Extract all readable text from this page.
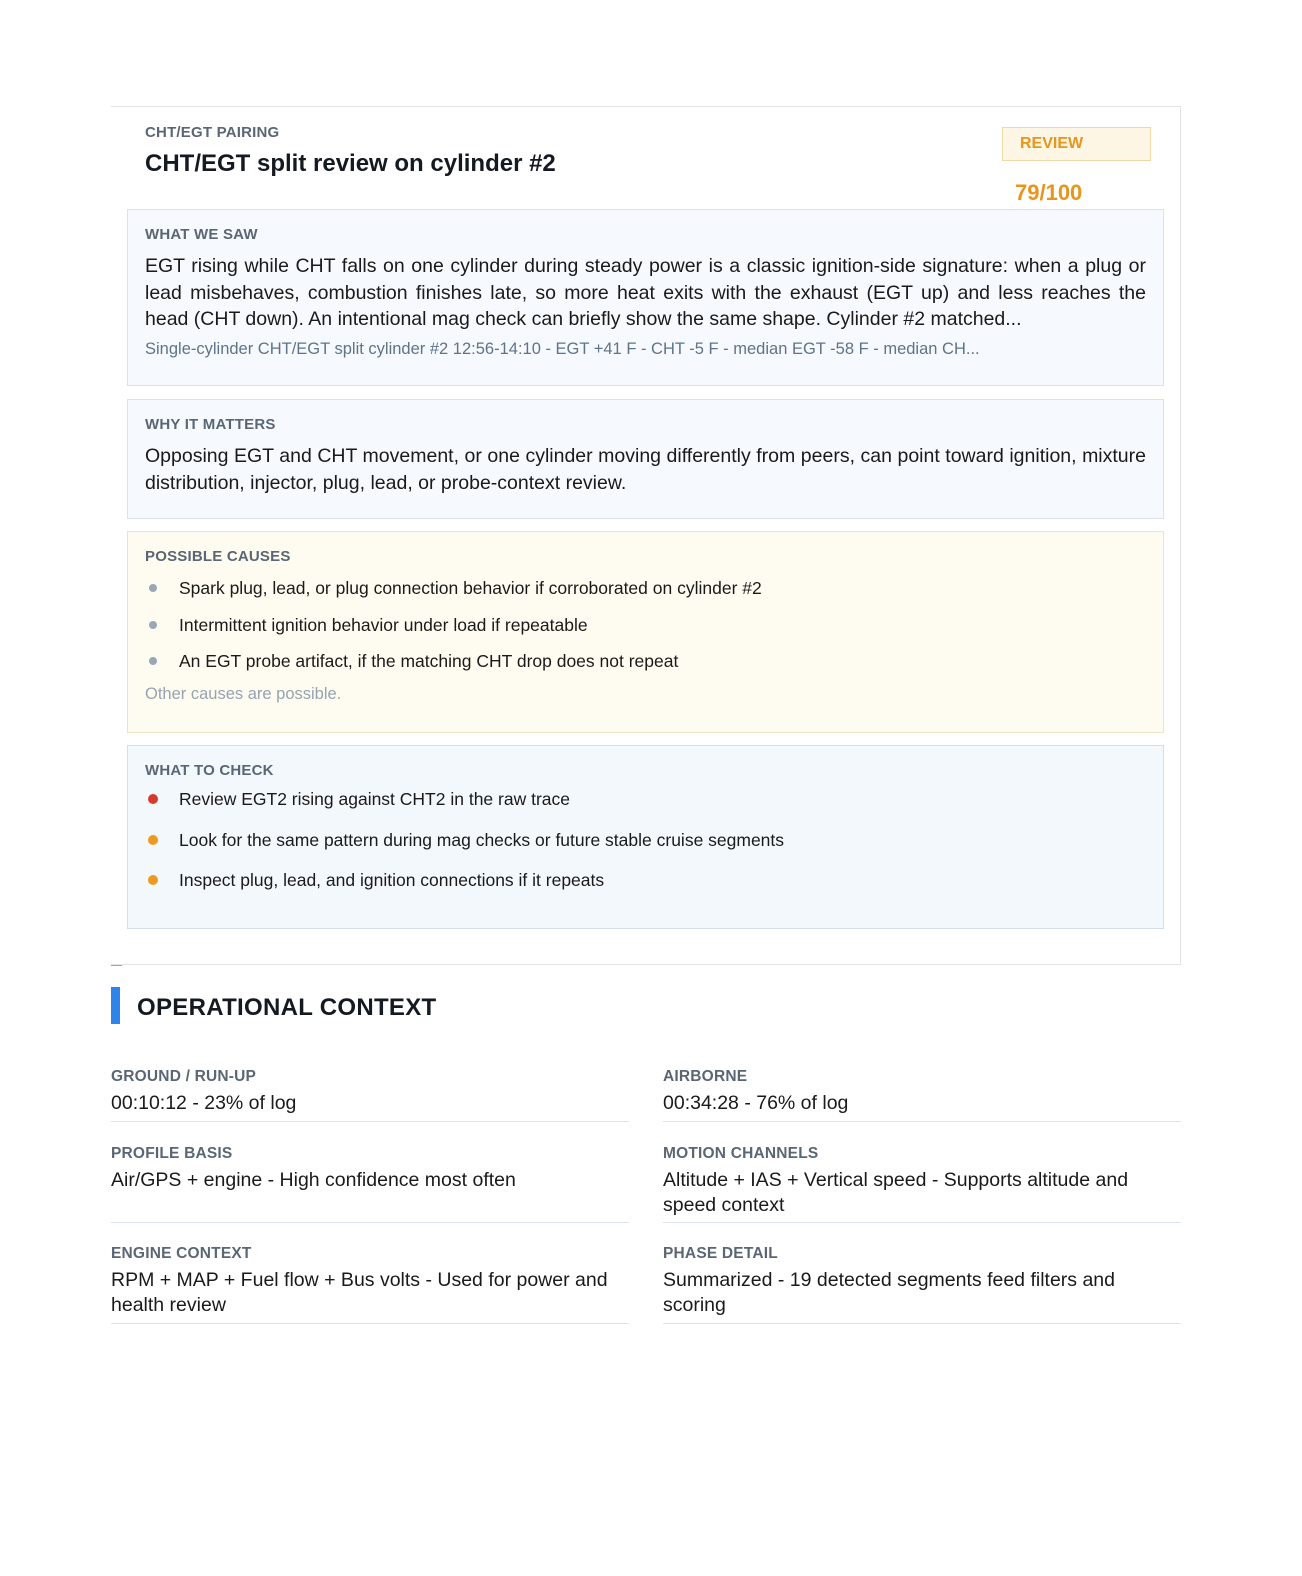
CHT/EGT PAIRING
CHT/EGT split review on cylinder #2
REVIEW
79/100
WHAT WE SAW
EGT rising while CHT falls on one cylinder during steady power is a classic ignition-side signature: when a plug or lead misbehaves, combustion finishes late, so more heat exits with the exhaust (EGT up) and less reaches the head (CHT down). An intentional mag check can briefly show the same shape. Cylinder #2 matched...
Single-cylinder CHT/EGT split cylinder #2 12:56-14:10 - EGT +41 F - CHT -5 F - median EGT -58 F - median CH...
WHY IT MATTERS
Opposing EGT and CHT movement, or one cylinder moving differently from peers, can point toward ignition, mixture distribution, injector, plug, lead, or probe-context review.
POSSIBLE CAUSES
Spark plug, lead, or plug connection behavior if corroborated on cylinder #2
Intermittent ignition behavior under load if repeatable
An EGT probe artifact, if the matching CHT drop does not repeat
Other causes are possible.
WHAT TO CHECK
Review EGT2 rising against CHT2 in the raw trace
Look for the same pattern during mag checks or future stable cruise segments
Inspect plug, lead, and ignition connections if it repeats
OPERATIONAL CONTEXT
GROUND / RUN-UP
00:10:12 - 23% of log
AIRBORNE
00:34:28 - 76% of log
PROFILE BASIS
Air/GPS + engine - High confidence most often
MOTION CHANNELS
Altitude + IAS + Vertical speed - Supports altitude and speed context
ENGINE CONTEXT
RPM + MAP + Fuel flow + Bus volts - Used for power and health review
PHASE DETAIL
Summarized - 19 detected segments feed filters and scoring
